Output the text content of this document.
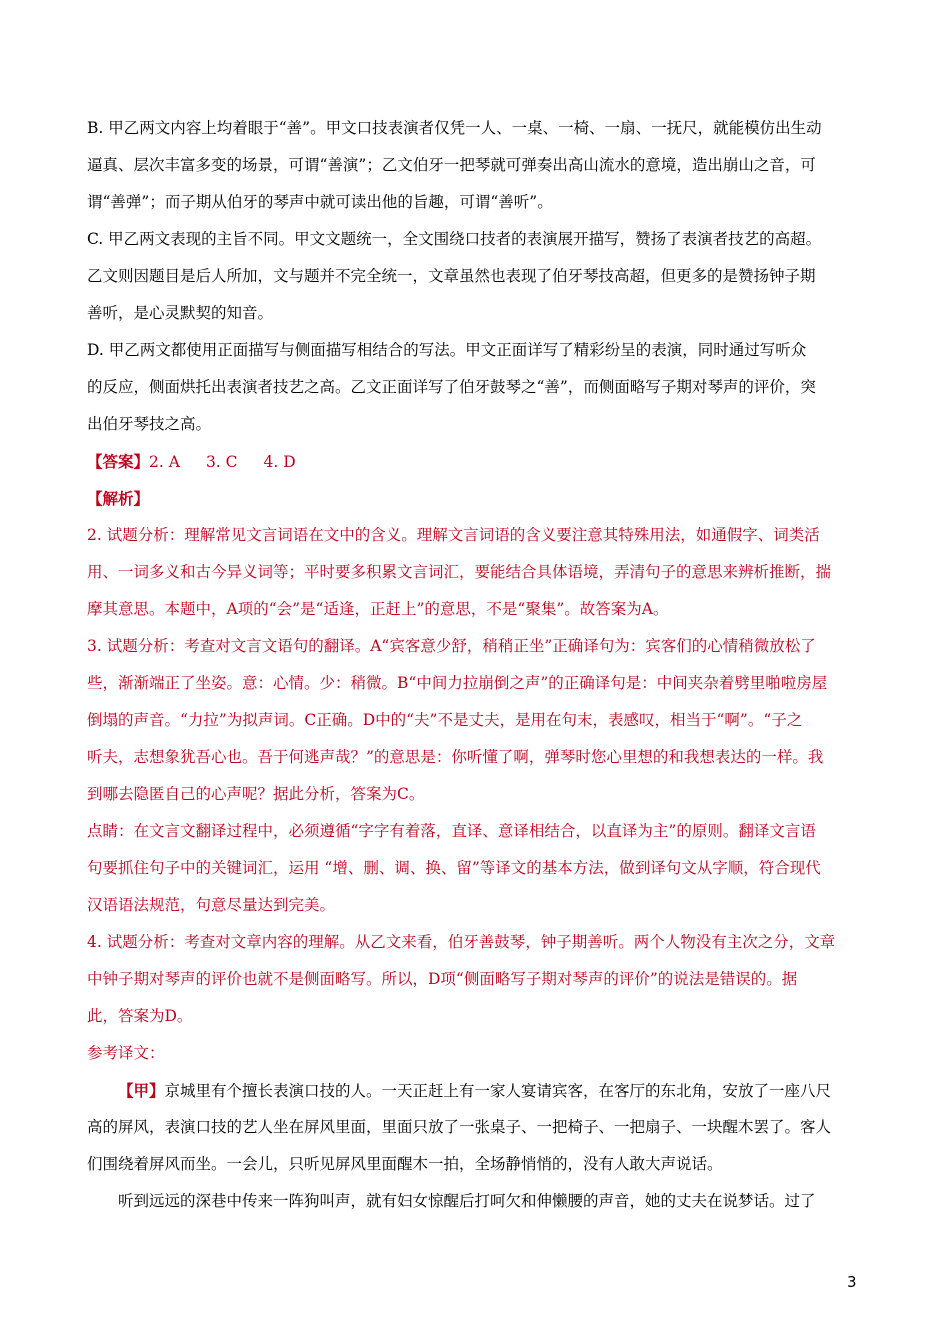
B. 甲乙两文内容上均着眼于“善”。甲文口技表演者仅凭一人、一桌、一椅、一扇、一抚尺，就能模仿出生动
逼真、层次丰富多变的场景，可谓“善演”；乙文伯牙一把琴就可弹奏出高山流水的意境，造出崩山之音，可
谓“善弹”；而子期从伯牙的琴声中就可读出他的旨趣，可谓“善听”。
C. 甲乙两文表现的主旨不同。甲文文题统一，全文围绕口技者的表演展开描写，赞扬了表演者技艺的高超。
乙文则因题目是后人所加，文与题并不完全统一，文章虽然也表现了伯牙琴技高超，但更多的是赞扬钟子期
善听，是心灵默契的知音。
D. 甲乙两文都使用正面描写与侧面描写相结合的写法。甲文正面详写了精彩纷呈的表演，同时通过写听众
的反应，侧面烘托出表演者技艺之高。乙文正面详写了伯牙鼓琴之“善”，而侧面略写子期对琴声的评价，突
出伯牙琴技之高。
【答案】2. A 3. C 4. D
【解析】
2. 试题分析：理解常见文言词语在文中的含义。理解文言词语的含义要注意其特殊用法，如通假字、词类活
用、一词多义和古今异义词等；平时要多积累文言词汇，要能结合具体语境，弄清句子的意思来辨析推断，揣
摩其意思。本题中，A项的“会”是“适逢，正赶上”的意思，不是“聚集”。故答案为A。
3. 试题分析：考查对文言文语句的翻译。A“宾客意少舒，稍稍正坐”正确译句为：宾客们的心情稍微放松了
些，渐渐端正了坐姿。意：心情。少：稍微。B“中间力拉崩倒之声”的正确译句是：中间夹杂着劈里啪啦房屋
倒塌的声音。“力拉”为拟声词。C正确。D中的“夫”不是丈夫，是用在句末，表感叹，相当于“啊”。“子之
听夫，志想象犹吾心也。吾于何逃声哉？”的意思是：你听懂了啊，弹琴时您心里想的和我想表达的一样。我
到哪去隐匿自己的心声呢？据此分析，答案为C。
点睛：在文言文翻译过程中，必须遵循“字字有着落，直译、意译相结合，以直译为主”的原则。翻译文言语
句要抓住句子中的关键词汇，运用 “增、删、调、换、留”等译文的基本方法，做到译句文从字顺，符合现代
汉语语法规范，句意尽量达到完美。
4. 试题分析：考查对文章内容的理解。从乙文来看，伯牙善鼓琴，钟子期善听。两个人物没有主次之分，文章
中钟子期对琴声的评价也就不是侧面略写。所以，D项“侧面略写子期对琴声的评价”的说法是错误的。据
此，答案为D。
参考译文：
【甲】京城里有个擅长表演口技的人。一天正赶上有一家人宴请宾客，在客厅的东北角，安放了一座八尺
高的屏风，表演口技的艺人坐在屏风里面，里面只放了一张桌子、一把椅子、一把扇子、一块醒木罢了。客人
们围绕着屏风而坐。一会儿，只听见屏风里面醒木一拍，全场静悄悄的，没有人敢大声说话。
听到远远的深巷中传来一阵狗叫声，就有妇女惊醒后打呵欠和伸懒腰的声音，她的丈夫在说梦话。过了
3
